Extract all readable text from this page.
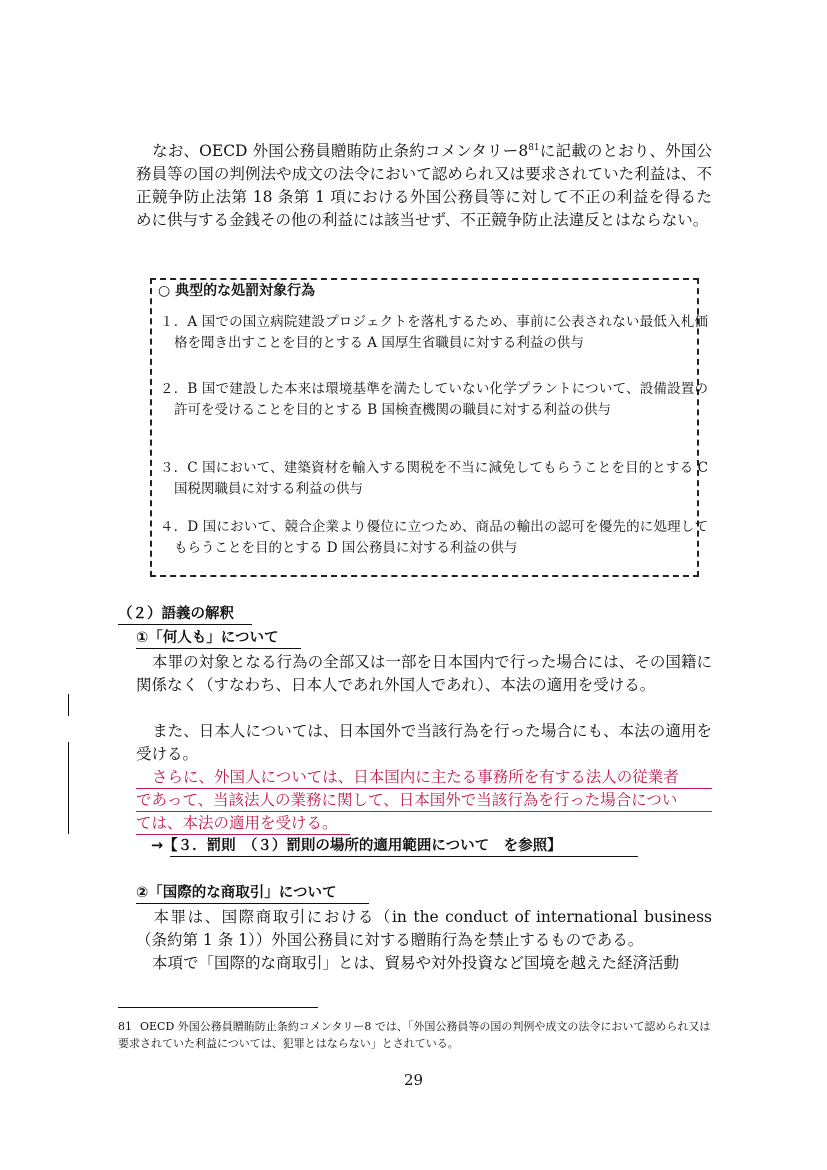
なお、OECD 外国公務員贈賄防止条約コメンタリー$8^{81}$に記載のとおり、外国公務員等の国の判例法や成文の法令において認められ又は要求されていた利益は、不正競争防止法第 18 条第 1 項における外国公務員等に対して不正の利益を得るために供与する金銭その他の利益には該当せず、不正競争防止法違反とはならない。

○ 典型的な処罰対象行為
１．A 国での国立病院建設プロジェクトを落札するため、事前に公表されない最低入札価格を聞き出すことを目的とする A 国厚生省職員に対する利益の供与
２．B 国で建設した本来は環境基準を満たしていない化学プラントについて、設備設置の許可を受けることを目的とする B 国検査機関の職員に対する利益の供与
３．C 国において、建築資材を輸入する関税を不当に減免してもらうことを目的とする C 国税関職員に対する利益の供与
４．D 国において、競合企業より優位に立つため、商品の輸出の認可を優先的に処理してもらうことを目的とする D 国公務員に対する利益の供与
（２）語義の解釈
①「何人も」について

本罪の対象となる行為の全部又は一部を日本国内で行った場合には、その国籍に関係なく（すなわち、日本人であれ外国人であれ）、本法の適用を受ける。

また、日本人については、日本国外で当該行為を行った場合にも、本法の適用を受ける。

さらに、外国人については、日本国内に主たる事務所を有する法人の従業者
であって、当該法人の業務に関して、日本国外で当該行為を行った場合につい
ては、本法の適用を受ける。
→【３．罰則　（３）罰則の場所的適用範囲について　を参照】
②「国際的な商取引」について

本罪は、国際商取引における（in the conduct of international business（条約第 1 条 1））外国公務員に対する贈賄行為を禁止するものである。

本項で「国際的な商取引」とは、貿易や対外投資など国境を越えた経済活動

81 OECD 外国公務員贈賄防止条約コメンタリー8 では、「外国公務員等の国の判例や成文の法令において認められ又は要求されていた利益については、犯罪とはならない」とされている。
29
